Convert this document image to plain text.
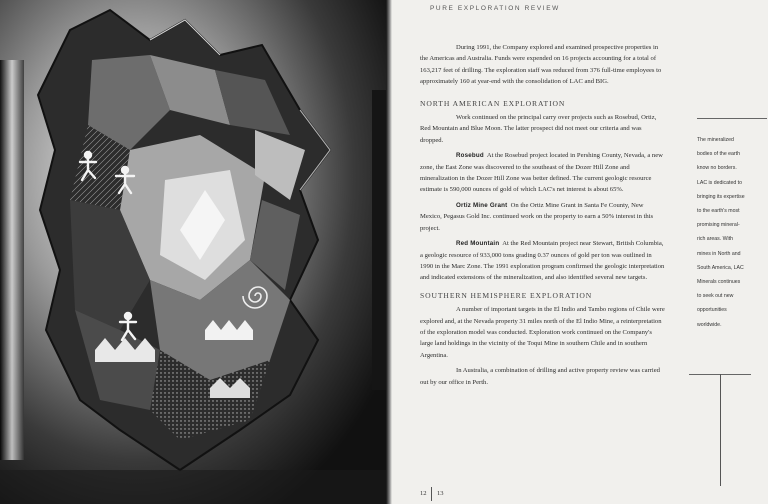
PURE EXPLORATION REVIEW

During 1991, the Company explored and examined prospective properties in the Americas and Australia. Funds were expended on 16 projects accounting for a total of 163,217 feet of drilling. The exploration staff was reduced from 376 full-time employees to approximately 160 at year-end with the consolidation of LAC and BIG.

NORTH AMERICAN EXPLORATION

Work continued on the principal carry over projects such as Rosebud, Ortiz, Red Mountain and Blue Moon. The latter prospect did not meet our criteria and was dropped.

Rosebud At the Rosebud project located in Pershing County, Nevada, a new zone, the East Zone was discovered to the southeast of the Dozer Hill Zone and mineralization in the Dozer Hill Zone was better defined. The current geologic resource estimate is 590,000 ounces of gold of which LAC's net interest is about 65%.

Ortiz Mine Grant On the Ortiz Mine Grant in Santa Fe County, New Mexico, Pegasus Gold Inc. continued work on the property to earn a 50% interest in this project.

Red Mountain At the Red Mountain project near Stewart, British Columbia, a geologic resource of 933,000 tons grading 0.37 ounces of gold per ton was outlined in 1990 in the Marc Zone. The 1991 exploration program confirmed the geologic interpretation and indicated extensions of the mineralization, and also identified several new targets.

SOUTHERN HEMISPHERE EXPLORATION

A number of important targets in the El Indio and Tambo regions of Chile were explored and, at the Nevada property 31 miles north of the El Indio Mine, a reinterpretation of the exploration model was conducted. Exploration work continued on the Company's large land holdings in the vicinity of the Toqui Mine in southern Chile and in southern Argentina.

In Australia, a combination of drilling and active property review was carried out by our office in Perth.

The mineralized
bodies of the earth
know no borders.
LAC is dedicated to
bringing its expertise
to the earth's most
promising mineral-
rich areas. With
mines in North and
South America, LAC
Minerals continues
to seek out new
opportunities
worldwide.
12 13
